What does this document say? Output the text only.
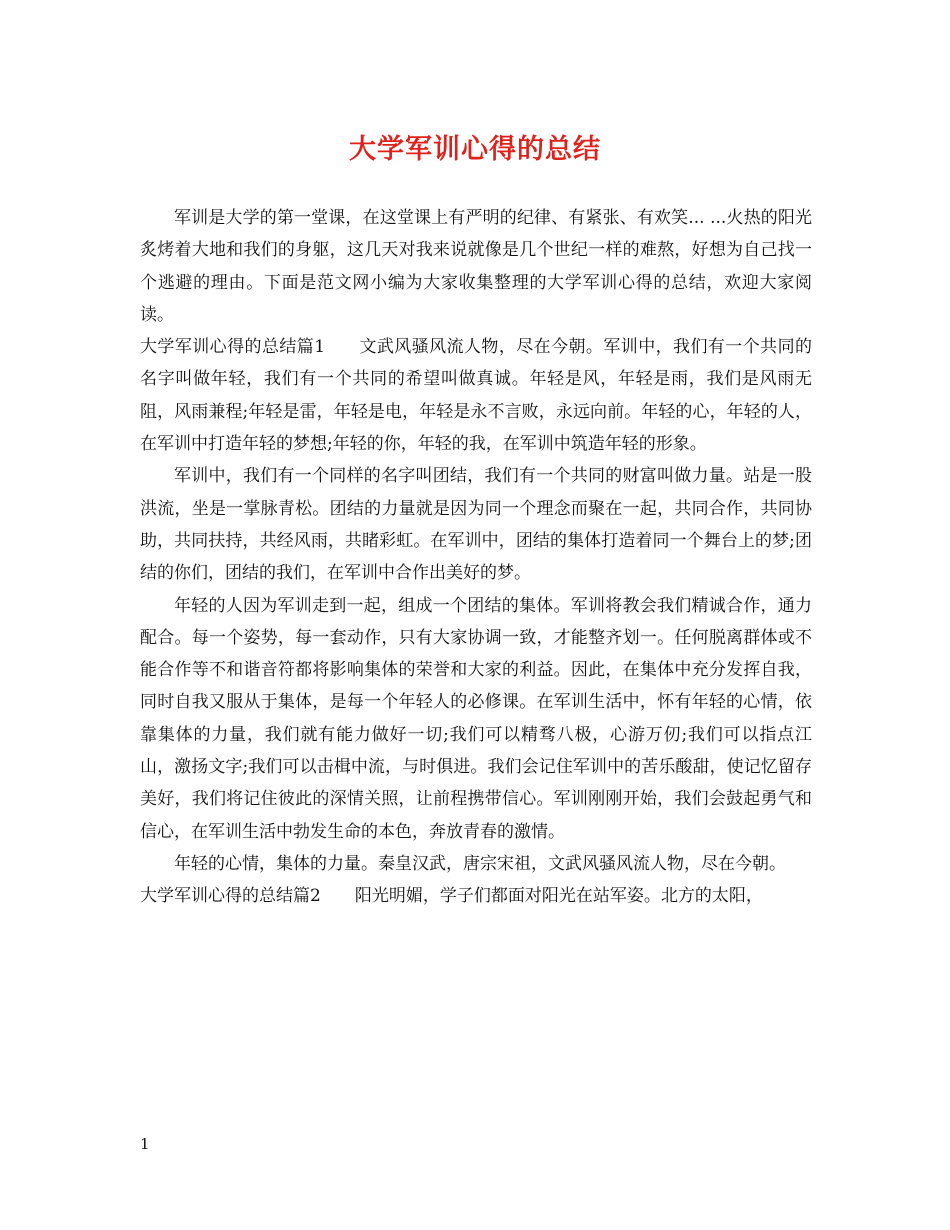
大学军训心得的总结

军训是大学的第一堂课，在这堂课上有严明的纪律、有紧张、有欢笑... ...火热的阳光炙烤着大地和我们的身躯，这几天对我来说就像是几个世纪一样的难熬，好想为自己找一个逃避的理由。下面是范文网小编为大家收集整理的大学军训心得的总结，欢迎大家阅读。

大学军训心得的总结篇1 文武风骚风流人物，尽在今朝。军训中，我们有一个共同的名字叫做年轻，我们有一个共同的希望叫做真诚。年轻是风，年轻是雨，我们是风雨无阻，风雨兼程;年轻是雷，年轻是电，年轻是永不言败，永远向前。年轻的心，年轻的人，在军训中打造年轻的梦想;年轻的你，年轻的我，在军训中筑造年轻的形象。

军训中，我们有一个同样的名字叫团结，我们有一个共同的财富叫做力量。站是一股洪流，坐是一掌脉青松。团结的力量就是因为同一个理念而聚在一起，共同合作，共同协助，共同扶持，共经风雨，共睹彩虹。在军训中，团结的集体打造着同一个舞台上的梦;团结的你们，团结的我们，在军训中合作出美好的梦。

年轻的人因为军训走到一起，组成一个团结的集体。军训将教会我们精诚合作，通力配合。每一个姿势，每一套动作，只有大家协调一致，才能整齐划一。任何脱离群体或不能合作等不和谐音符都将影响集体的荣誉和大家的利益。因此，在集体中充分发挥自我，同时自我又服从于集体，是每一个年轻人的必修课。在军训生活中，怀有年轻的心情，依靠集体的力量，我们就有能力做好一切;我们可以精骛八极，心游万仞;我们可以指点江山，激扬文字;我们可以击楫中流，与时俱进。我们会记住军训中的苦乐酸甜，使记忆留存美好，我们将记住彼此的深情关照，让前程携带信心。军训刚刚开始，我们会鼓起勇气和信心，在军训生活中勃发生命的本色，奔放青春的激情。

年轻的心情，集体的力量。秦皇汉武，唐宗宋祖，文武风骚风流人物，尽在今朝。

大学军训心得的总结篇2 阳光明媚，学子们都面对阳光在站军姿。北方的太阳，

1
